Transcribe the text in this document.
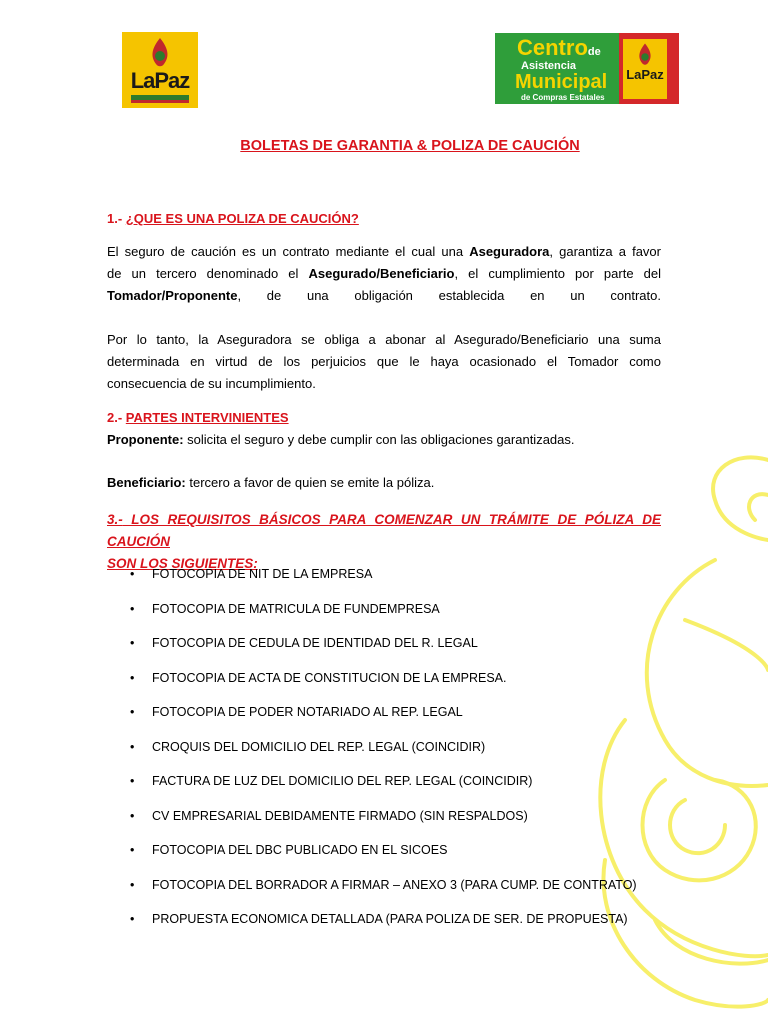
LaPaz	LaPaz
Centrode
Asistencia
Municipal
de Compras Estatales
BOLETAS DE GARANTIA & POLIZA DE CAUCIÓN
1.- ¿QUE ES UNA POLIZA DE CAUCIÓN?
El seguro de caución es un contrato mediante el cual una Aseguradora, garantiza a favor
de un tercero denominado el Asegurado/Beneficiario, el cumplimiento por parte del
Tomador/Proponente, de una obligación establecida en un contrato.
Por lo tanto, la Aseguradora se obliga a abonar al Asegurado/Beneficiario una suma
determinada en virtud de los perjuicios que le haya ocasionado el Tomador como
consecuencia de su incumplimiento.
2.- PARTES INTERVINIENTES
Proponente: solicita el seguro y debe cumplir con las obligaciones garantizadas.
Beneficiario: tercero a favor de quien se emite la póliza.
3.- LOS REQUISITOS BÁSICOS PARA COMENZAR UN TRÁMITE DE PÓLIZA DE CAUCIÓN
SON LOS SIGUIENTES:
• FOTOCOPIA DE NIT DE LA EMPRESA
• FOTOCOPIA DE MATRICULA DE FUNDEMPRESA
• FOTOCOPIA DE CEDULA DE IDENTIDAD DEL R. LEGAL
• FOTOCOPIA DE ACTA DE CONSTITUCION DE LA EMPRESA.
• FOTOCOPIA DE PODER NOTARIADO AL REP. LEGAL
• CROQUIS DEL DOMICILIO DEL REP. LEGAL (COINCIDIR)
• FACTURA DE LUZ DEL DOMICILIO DEL REP. LEGAL (COINCIDIR)
• CV EMPRESARIAL DEBIDAMENTE FIRMADO (SIN RESPALDOS)
• FOTOCOPIA DEL DBC PUBLICADO EN EL SICOES
• FOTOCOPIA DEL BORRADOR A FIRMAR – ANEXO 3 (PARA CUMP. DE CONTRATO)
• PROPUESTA ECONOMICA DETALLADA (PARA POLIZA DE SER. DE PROPUESTA)
